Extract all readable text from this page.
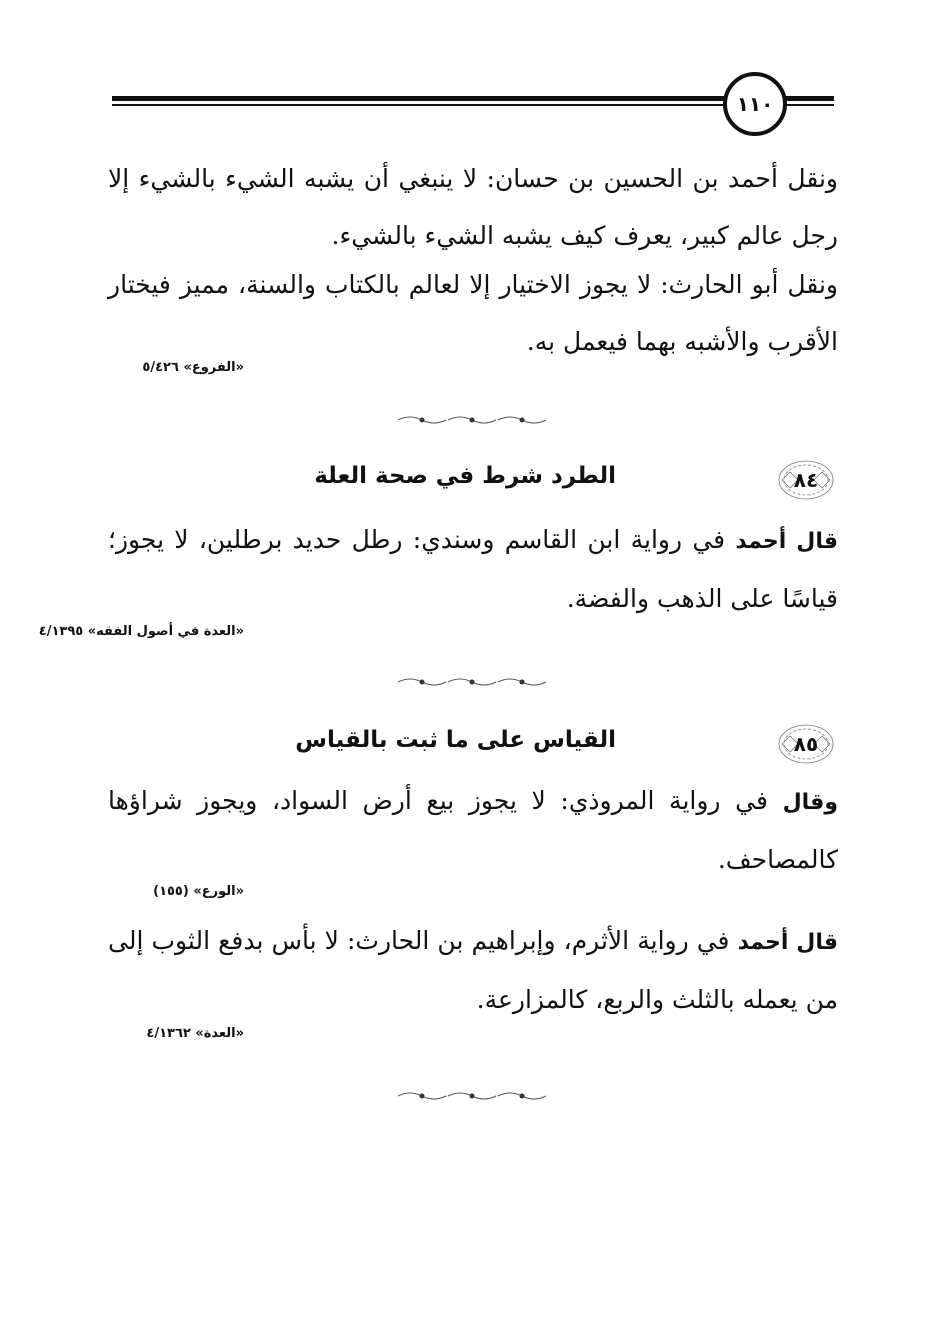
١١٠

ونقل أحمد بن الحسين بن حسان: لا ينبغي أن يشبه الشيء بالشيء إلا رجل عالم كبير، يعرف كيف يشبه الشيء بالشيء.

ونقل أبو الحارث: لا يجوز الاختيار إلا لعالم بالكتاب والسنة، مميز فيختار الأقرب والأشبه بهما فيعمل به.

«الفروع» ٥/٤٢٦
٨٤
الطرد شرط في صحة العلة

قال أحمد في رواية ابن القاسم وسندي: رطل حديد برطلين، لا يجوز؛ قياسًا على الذهب والفضة.

«العدة في أصول الفقه» ٤/١٣٩٥
٨٥
القياس على ما ثبت بالقياس

وقال في رواية المروذي: لا يجوز بيع أرض السواد، ويجوز شراؤها كالمصاحف.

«الورع» (١٥٥)

قال أحمد في رواية الأثرم، وإبراهيم بن الحارث: لا بأس بدفع الثوب إلى من يعمله بالثلث والربع، كالمزارعة.

«العدة» ٤/١٣٦٢
